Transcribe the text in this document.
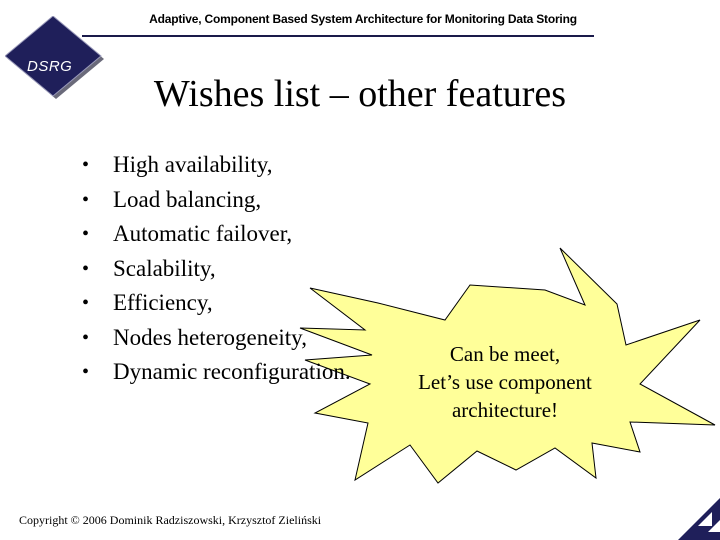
Adaptive, Component Based System Architecture for Monitoring Data Storing
DSRG
Wishes list – other features
• High availability,
• Load balancing,
• Automatic failover,
• Scalability,
• Efficiency,
• Nodes heterogeneity,
• Dynamic reconfiguration.
Can be meet,
Let’s use component
architecture!
Copyright © 2006 Dominik Radziszowski, Krzysztof Zieliński
